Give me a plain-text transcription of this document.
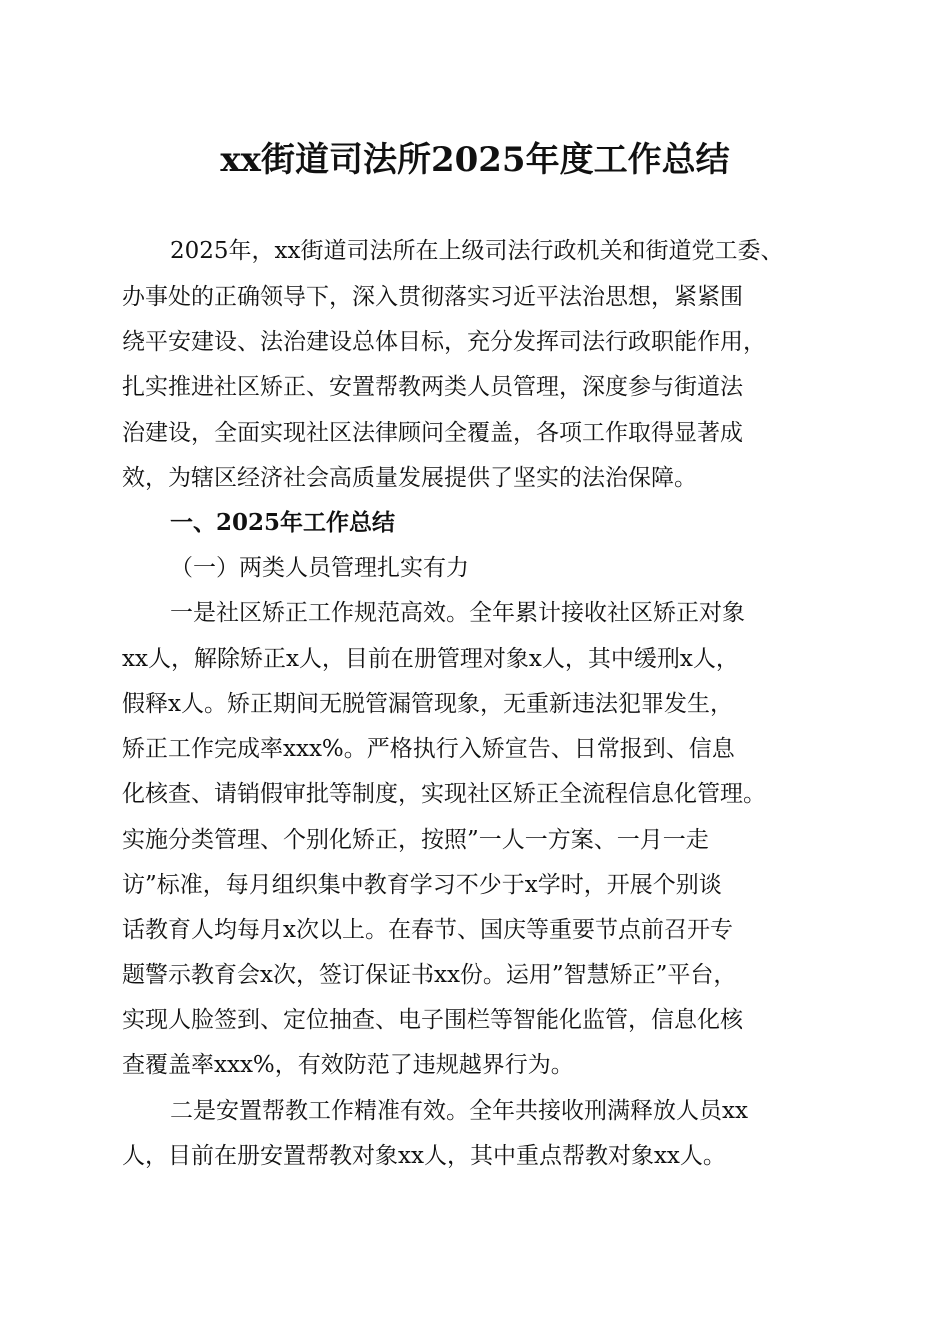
xx街道司法所2025年度工作总结
2025年，xx街道司法所在上级司法行政机关和街道党工委、
办事处的正确领导下，深入贯彻落实习近平法治思想，紧紧围
绕平安建设、法治建设总体目标，充分发挥司法行政职能作用，
扎实推进社区矫正、安置帮教两类人员管理，深度参与街道法
治建设，全面实现社区法律顾问全覆盖，各项工作取得显著成
效，为辖区经济社会高质量发展提供了坚实的法治保障。
一、2025年工作总结
（一）两类人员管理扎实有力
一是社区矫正工作规范高效。全年累计接收社区矫正对象
xx人，解除矫正x人，目前在册管理对象x人，其中缓刑x人，
假释x人。矫正期间无脱管漏管现象，无重新违法犯罪发生，
矫正工作完成率xxx%。严格执行入矫宣告、日常报到、信息
化核查、请销假审批等制度，实现社区矫正全流程信息化管理。
实施分类管理、个别化矫正，按照”一人一方案、一月一走
访”标准，每月组织集中教育学习不少于x学时，开展个别谈
话教育人均每月x次以上。在春节、国庆等重要节点前召开专
题警示教育会x次，签订保证书xx份。运用”智慧矫正”平台，
实现人脸签到、定位抽查、电子围栏等智能化监管，信息化核
查覆盖率xxx%，有效防范了违规越界行为。
二是安置帮教工作精准有效。全年共接收刑满释放人员xx
人，目前在册安置帮教对象xx人，其中重点帮教对象xx人。
